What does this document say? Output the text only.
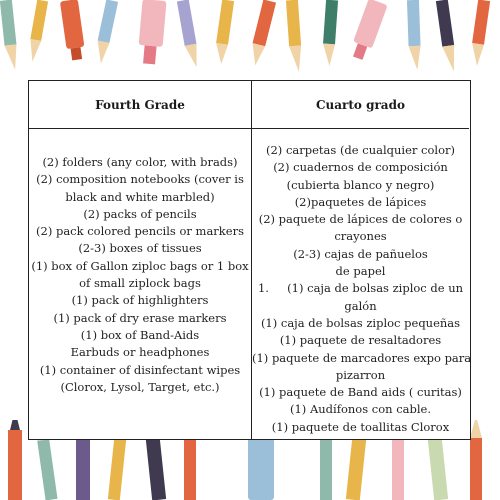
Fourth Grade
(2) folders (any color, with brads)
(2) composition notebooks (cover is
black and white marbled)
(2) packs of pencils
(2) pack colored pencils or markers
(2-3) boxes of tissues
(1) box of Gallon ziploc bags or 1 box
of small ziplock bags
(1) pack of highlighters
(1) pack of dry erase markers
(1) box of Band-Aids
Earbuds or headphones
(1) container of disinfectant wipes
(Clorox, Lysol, Target, etc.)
Cuarto grado
(2) carpetas (de cualquier color)
(2) cuadernos de composición
(cubierta blanco y negro)
(2)paquetes de lápices
(2) paquete de lápices de colores o
crayones
(2-3) cajas de pañuelos
de papel
1.     (1) caja de bolsas ziploc de un
galón
(1) caja de bolsas ziploc pequeñas
(1) paquete de resaltadores
(1) paquete de marcadores expo para
pizarron
(1) paquete de Band aids ( curitas)
(1) Audífonos con cable.
(1) paquete de toallitas Clorox
